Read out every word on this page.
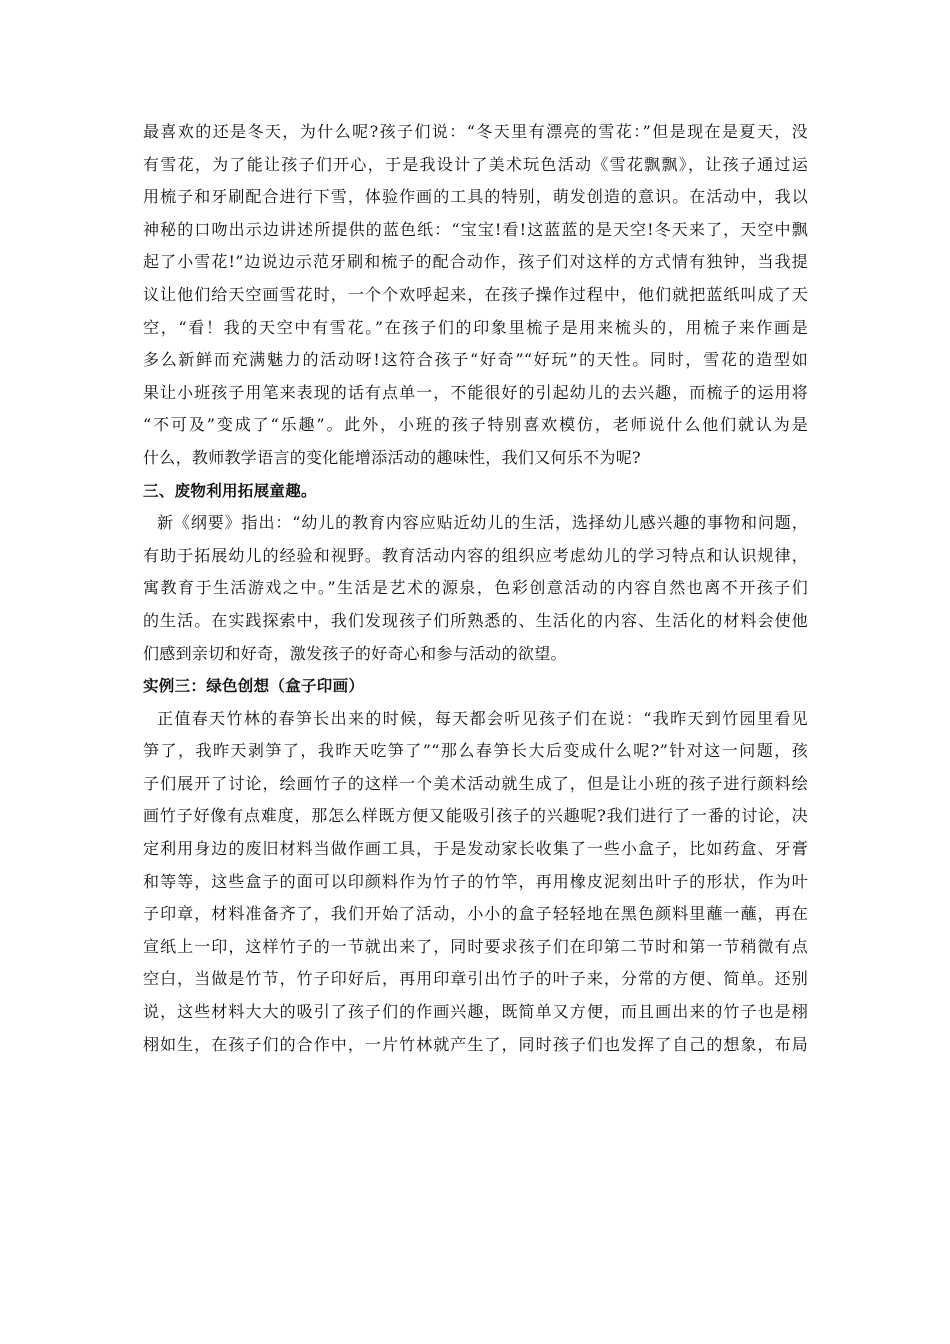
最喜欢的还是冬天，为什么呢?孩子们说：“冬天里有漂亮的雪花：”但是现在是夏天，没
有雪花，为了能让孩子们开心，于是我设计了美术玩色活动《雪花飘飘》，让孩子通过运
用梳子和牙刷配合进行下雪，体验作画的工具的特别，萌发创造的意识。在活动中，我以
神秘的口吻出示边讲述所提供的蓝色纸：“宝宝!看!这蓝蓝的是天空!冬天来了，天空中飘
起了小雪花!”边说边示范牙刷和梳子的配合动作，孩子们对这样的方式情有独钟，当我提
议让他们给天空画雪花时，一个个欢呼起来，在孩子操作过程中，他们就把蓝纸叫成了天
空，“看！我的天空中有雪花。”在孩子们的印象里梳子是用来梳头的，用梳子来作画是
多么新鲜而充满魅力的活动呀!这符合孩子“好奇”“好玩”的天性。同时，雪花的造型如
果让小班孩子用笔来表现的话有点单一，不能很好的引起幼儿的去兴趣，而梳子的运用将
“不可及”变成了“乐趣”。此外，小班的孩子特别喜欢模仿，老师说什么他们就认为是
什么，教师教学语言的变化能增添活动的趣味性，我们又何乐不为呢?
三、废物利用拓展童趣。
新《纲要》指出：“幼儿的教育内容应贴近幼儿的生活，选择幼儿感兴趣的事物和问题，
有助于拓展幼儿的经验和视野。教育活动内容的组织应考虑幼儿的学习特点和认识规律，
寓教育于生活游戏之中。”生活是艺术的源泉，色彩创意活动的内容自然也离不开孩子们
的生活。在实践探索中，我们发现孩子们所熟悉的、生活化的内容、生活化的材料会使他
们感到亲切和好奇，激发孩子的好奇心和参与活动的欲望。
实例三：绿色创想（盒子印画）
正值春天竹林的春笋长出来的时候，每天都会听见孩子们在说：“我昨天到竹园里看见
笋了，我昨天剥笋了，我昨天吃笋了”“那么春笋长大后变成什么呢?”针对这一问题，孩
子们展开了讨论，绘画竹子的这样一个美术活动就生成了，但是让小班的孩子进行颜料绘
画竹子好像有点难度，那怎么样既方便又能吸引孩子的兴趣呢?我们进行了一番的讨论，决
定利用身边的废旧材料当做作画工具，于是发动家长收集了一些小盒子，比如药盒、牙膏
和等等，这些盒子的面可以印颜料作为竹子的竹竿，再用橡皮泥刻出叶子的形状，作为叶
子印章，材料准备齐了，我们开始了活动，小小的盒子轻轻地在黑色颜料里蘸一蘸，再在
宣纸上一印，这样竹子的一节就出来了，同时要求孩子们在印第二节时和第一节稍微有点
空白，当做是竹节，竹子印好后，再用印章引出竹子的叶子来，分常的方便、简单。还别
说，这些材料大大的吸引了孩子们的作画兴趣，既简单又方便，而且画出来的竹子也是栩
栩如生，在孩子们的合作中，一片竹林就产生了，同时孩子们也发挥了自己的想象，布局
